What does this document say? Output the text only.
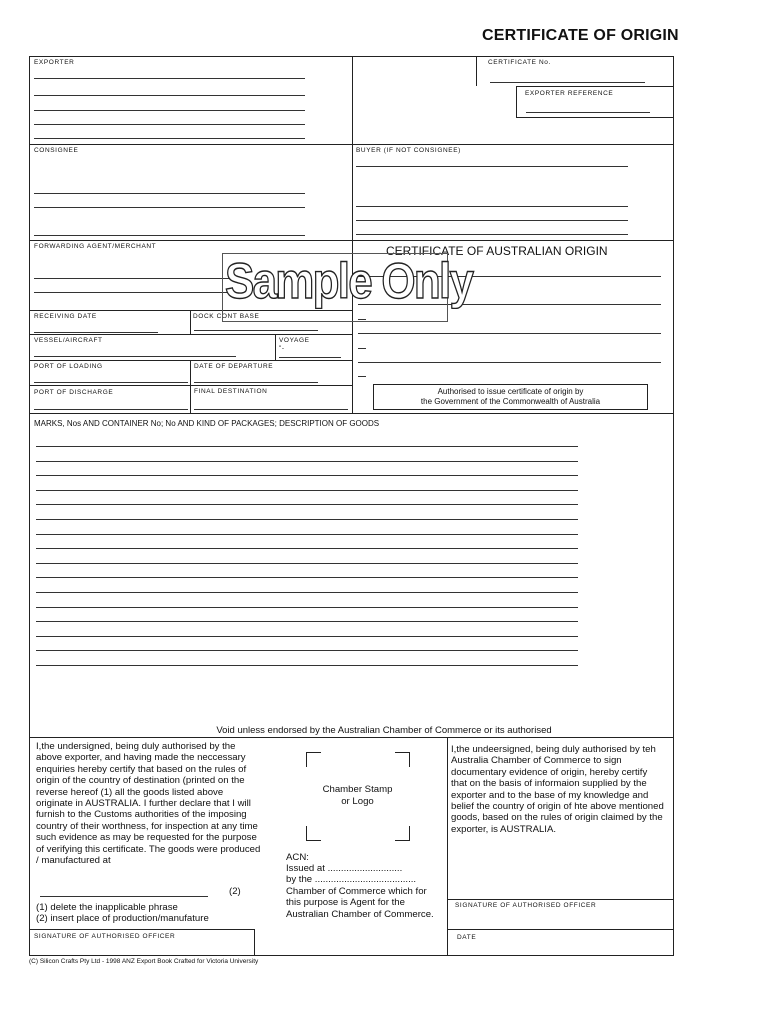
CERTIFICATE OF ORIGIN
EXPORTER	CERTIFICATE No.
EXPORTER REFERENCE
CONSIGNEE	BUYER (IF NOT CONSIGNEE)
FORWARDING AGENT/MERCHANT	CERTIFICATE OF AUSTRALIAN ORIGIN
RECEIVING DATE	DOCK CONT BASE
VESSEL/AIRCRAFT	VOYAGE
"-
PORT OF LOADING	DATE OF DEPARTURE
PORT OF DISCHARGE	FINAL DESTINATION	Authorised to issue certificate of origin by
the Government of the Commonwealth of Australia
Sample Only
MARKS, Nos AND CONTAINER No; No AND KIND OF PACKAGES; DESCRIPTION OF GOODS
Void unless endorsed by the Australian Chamber of Commerce or its authorised
I,the undersigned, being duly authorised by the above exporter, and having made the neccessary enquiries hereby certify that based on the rules of origin of the country of destination (printed on the reverse hereof (1) all the goods listed above originate in AUSTRALIA. I further declare that I will furnish to the Customs authorities of the imposing country of their worthness, for inspection at any time such evidence as may be requested for the purpose of verifying this certificate. The goods were produced / manufactured at
(2)
(1) delete the inapplicable phrase
(2) insert place of production/manufature
SIGNATURE OF AUTHORISED OFFICER
Chamber Stamp
or Logo
ACN:
Issued at ............................
by the ......................................
Chamber of Commerce which for this purpose is Agent for the Australian Chamber of Commerce.
I,the undeersigned, being duly authorised by teh Australia Chamber of Commerce to sign documentary evidence of origin, hereby certify that on the basis of informaion supplied by the exporter and to the base of my knowledge and belief the country of origin of hte above mentioned goods, based on the rules of origin claimed by the exporter, is AUSTRALIA.
SIGNATURE OF AUTHORISED OFFICER
DATE
(C) Silicon Crafts Pty Ltd - 1998 ANZ Export Book Crafted for Victoria University
